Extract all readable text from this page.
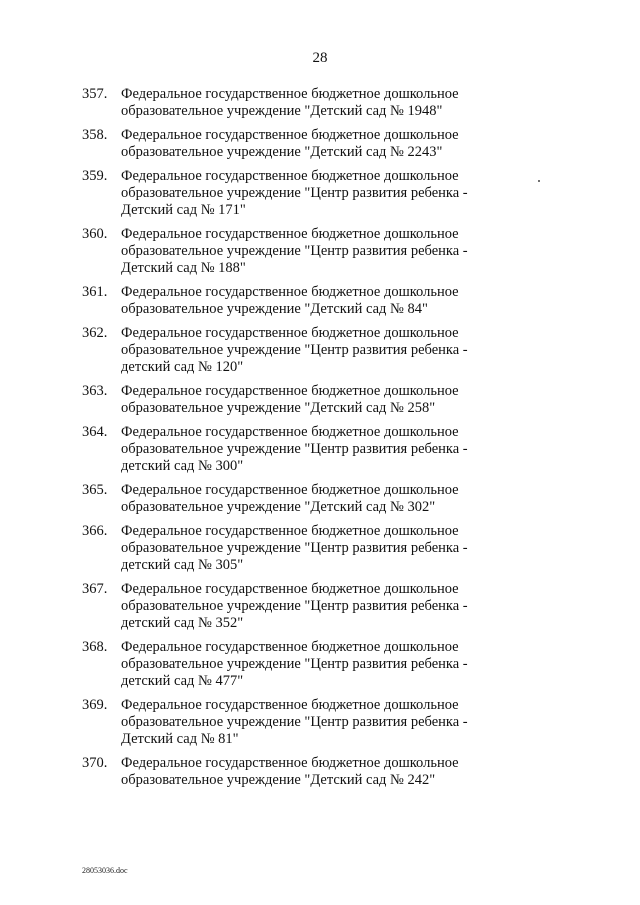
28
357. Федеральное государственное бюджетное дошкольное
образовательное учреждение "Детский сад № 1948"
358. Федеральное государственное бюджетное дошкольное
образовательное учреждение "Детский сад № 2243"
359. Федеральное государственное бюджетное дошкольное
образовательное учреждение "Центр развития ребенка -
Детский сад № 171"
360. Федеральное государственное бюджетное дошкольное
образовательное учреждение "Центр развития ребенка -
Детский сад № 188"
361. Федеральное государственное бюджетное дошкольное
образовательное учреждение "Детский сад № 84"
362. Федеральное государственное бюджетное дошкольное
образовательное учреждение "Центр развития ребенка -
детский сад № 120"
363. Федеральное государственное бюджетное дошкольное
образовательное учреждение "Детский сад № 258"
364. Федеральное государственное бюджетное дошкольное
образовательное учреждение "Центр развития ребенка -
детский сад № 300"
365. Федеральное государственное бюджетное дошкольное
образовательное учреждение "Детский сад № 302"
366. Федеральное государственное бюджетное дошкольное
образовательное учреждение "Центр развития ребенка -
детский сад № 305"
367. Федеральное государственное бюджетное дошкольное
образовательное учреждение "Центр развития ребенка -
детский сад № 352"
368. Федеральное государственное бюджетное дошкольное
образовательное учреждение "Центр развития ребенка -
детский сад № 477"
369. Федеральное государственное бюджетное дошкольное
образовательное учреждение "Центр развития ребенка -
Детский сад № 81"
370. Федеральное государственное бюджетное дошкольное
образовательное учреждение "Детский сад № 242"
28053036.doc
